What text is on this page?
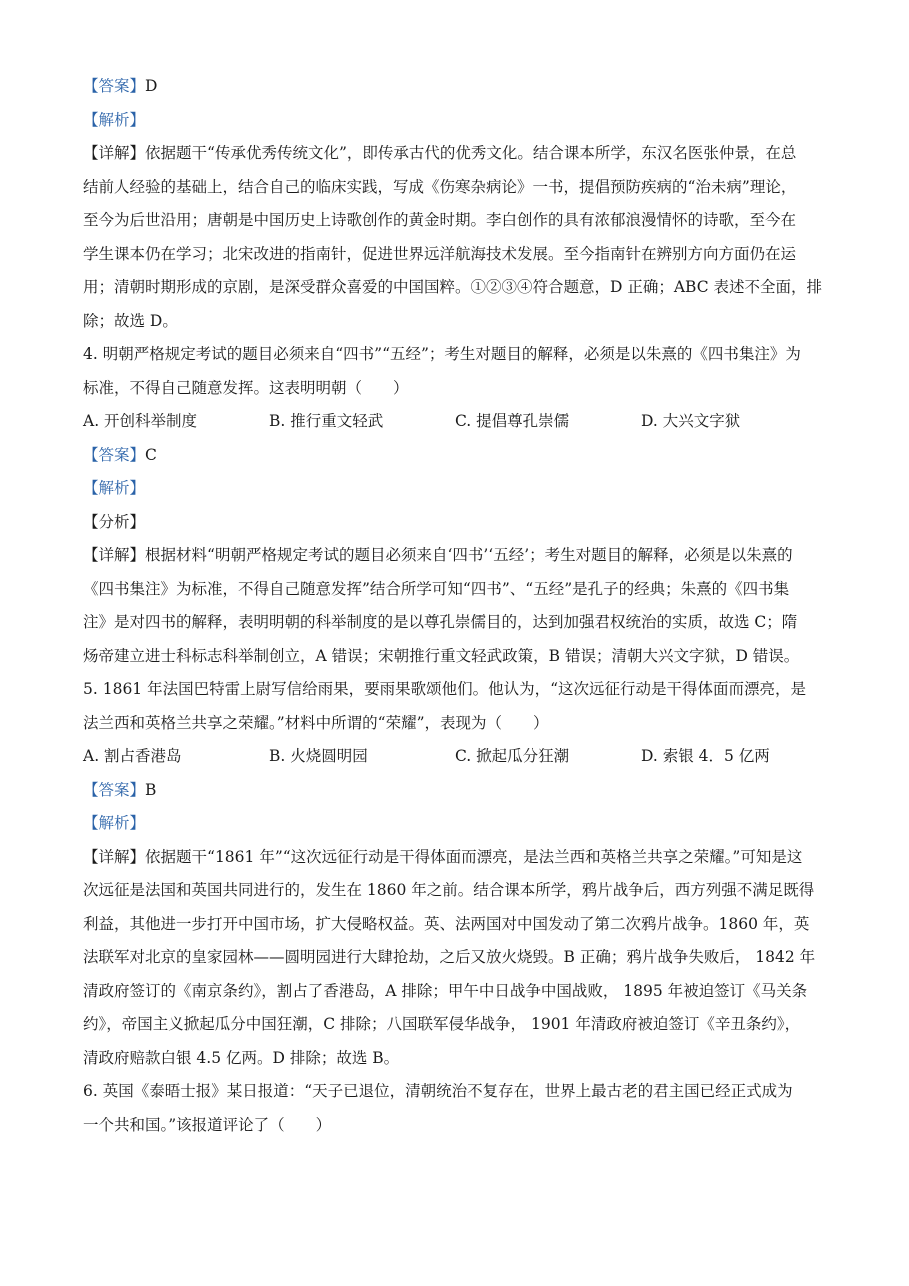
【答案】D
【解析】
【详解】依据题干“传承优秀传统文化”，即传承古代的优秀文化。结合课本所学，东汉名医张仲景，在总
结前人经验的基础上，结合自己的临床实践，写成《伤寒杂病论》一书，提倡预防疾病的“治未病”理论，
至今为后世沿用；唐朝是中国历史上诗歌创作的黄金时期。李白创作的具有浓郁浪漫情怀的诗歌，至今在
学生课本仍在学习；北宋改进的指南针，促进世界远洋航海技术发展。至今指南针在辨别方向方面仍在运
用；清朝时期形成的京剧，是深受群众喜爱的中国国粹。①②③④符合题意，D 正确；ABC 表述不全面，排
除；故选 D。
4. 明朝严格规定考试的题目必须来自“四书”“五经”；考生对题目的解释，必须是以朱熹的《四书集注》为
标准，不得自己随意发挥。这表明明朝（　　）
A. 开创科举制度	B. 推行重文轻武	C. 提倡尊孔崇儒	D. 大兴文字狱
【答案】C
【解析】
【分析】
【详解】根据材料“明朝严格规定考试的题目必须来自‘四书’‘五经’；考生对题目的解释，必须是以朱熹的
《四书集注》为标准，不得自己随意发挥”结合所学可知“四书”、“五经”是孔子的经典；朱熹的《四书集
注》是对四书的解释，表明明朝的科举制度的是以尊孔崇儒目的，达到加强君权统治的实质，故选 C；隋
炀帝建立进士科标志科举制创立，A 错误；宋朝推行重文轻武政策，B 错误；清朝大兴文字狱，D 错误。
5. 1861 年法国巴特雷上尉写信给雨果，要雨果歌颂他们。他认为，“这次远征行动是干得体面而漂亮，是
法兰西和英格兰共享之荣耀。”材料中所谓的“荣耀”，表现为（　　）
A. 割占香港岛	B. 火烧圆明园	C. 掀起瓜分狂潮	D. 索银 4．5 亿两
【答案】B
【解析】
【详解】依据题干“1861 年”“这次远征行动是干得体面而漂亮，是法兰西和英格兰共享之荣耀。”可知是这
次远征是法国和英国共同进行的，发生在 1860 年之前。结合课本所学，鸦片战争后，西方列强不满足既得
利益，其他进一步打开中国市场，扩大侵略权益。英、法两国对中国发动了第二次鸦片战争。1860 年，英
法联军对北京的皇家园林——圆明园进行大肆抢劫，之后又放火烧毁。B 正确；鸦片战争失败后， 1842 年
清政府签订的《南京条约》，割占了香港岛，A 排除；甲午中日战争中国战败， 1895 年被迫签订《马关条
约》，帝国主义掀起瓜分中国狂潮，C 排除；八国联军侵华战争， 1901 年清政府被迫签订《辛丑条约》，
清政府赔款白银 4.5 亿两。D 排除；故选 B。
6. 英国《泰晤士报》某日报道：“天子已退位，清朝统治不复存在，世界上最古老的君主国已经正式成为
一个共和国。”该报道评论了（　　）
